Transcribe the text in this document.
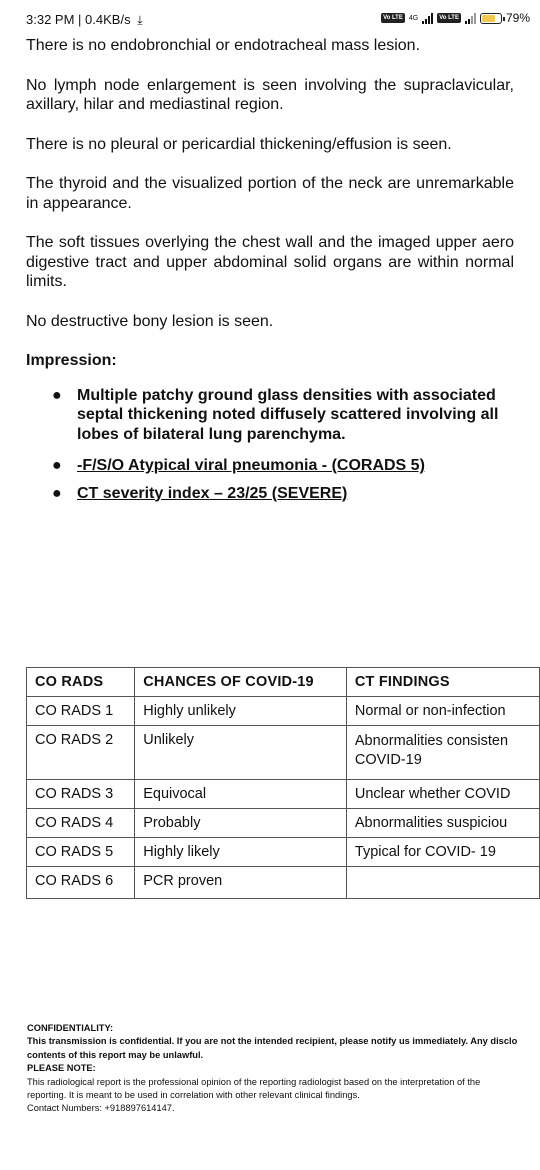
3:32 PM | 0.4KB/s ⤓	Vo LTE 4G	Vo LTE	79%

There is no endobronchial or endotracheal mass lesion.

No lymph node enlargement is seen involving the supraclavicular, axillary, hilar and mediastinal region.

There is no pleural or pericardial thickening/effusion is seen.

The thyroid and the visualized portion of the neck are unremarkable in appearance.

The soft tissues overlying the chest wall and the imaged upper aero digestive tract and upper abdominal solid organs are within normal limits.

No destructive bony lesion is seen.

Impression:

● Multiple patchy ground glass densities with associated septal thickening noted diffusely scattered involving all lobes of bilateral lung parenchyma.
● -F/S/O Atypical viral pneumonia - (CORADS 5)
● CT severity index – 23/25 (SEVERE)
CO RADS	CHANCES OF COVID-19	CT FINDINGS
CO RADS 1	Highly unlikely	Normal or non-infection

CO RADS 2	Unlikely	Abnormalities consisten COVID-19

CO RADS 3	Equivocal	Unclear whether COVID

CO RADS 4	Probably	Abnormalities suspiciou

CO RADS 5	Highly likely	Typical for COVID- 19

CO RADS 6	PCR proven	
CONFIDENTIALITY:
This transmission is confidential. If you are not the intended recipient, please notify us immediately. Any disclo
contents of this report may be unlawful.
PLEASE NOTE:
This radiological report is the professional opinion of the reporting radiologist based on the interpretation of the
reporting. It is meant to be used in correlation with other relevant clinical findings.
Contact Numbers: +918897614147.
